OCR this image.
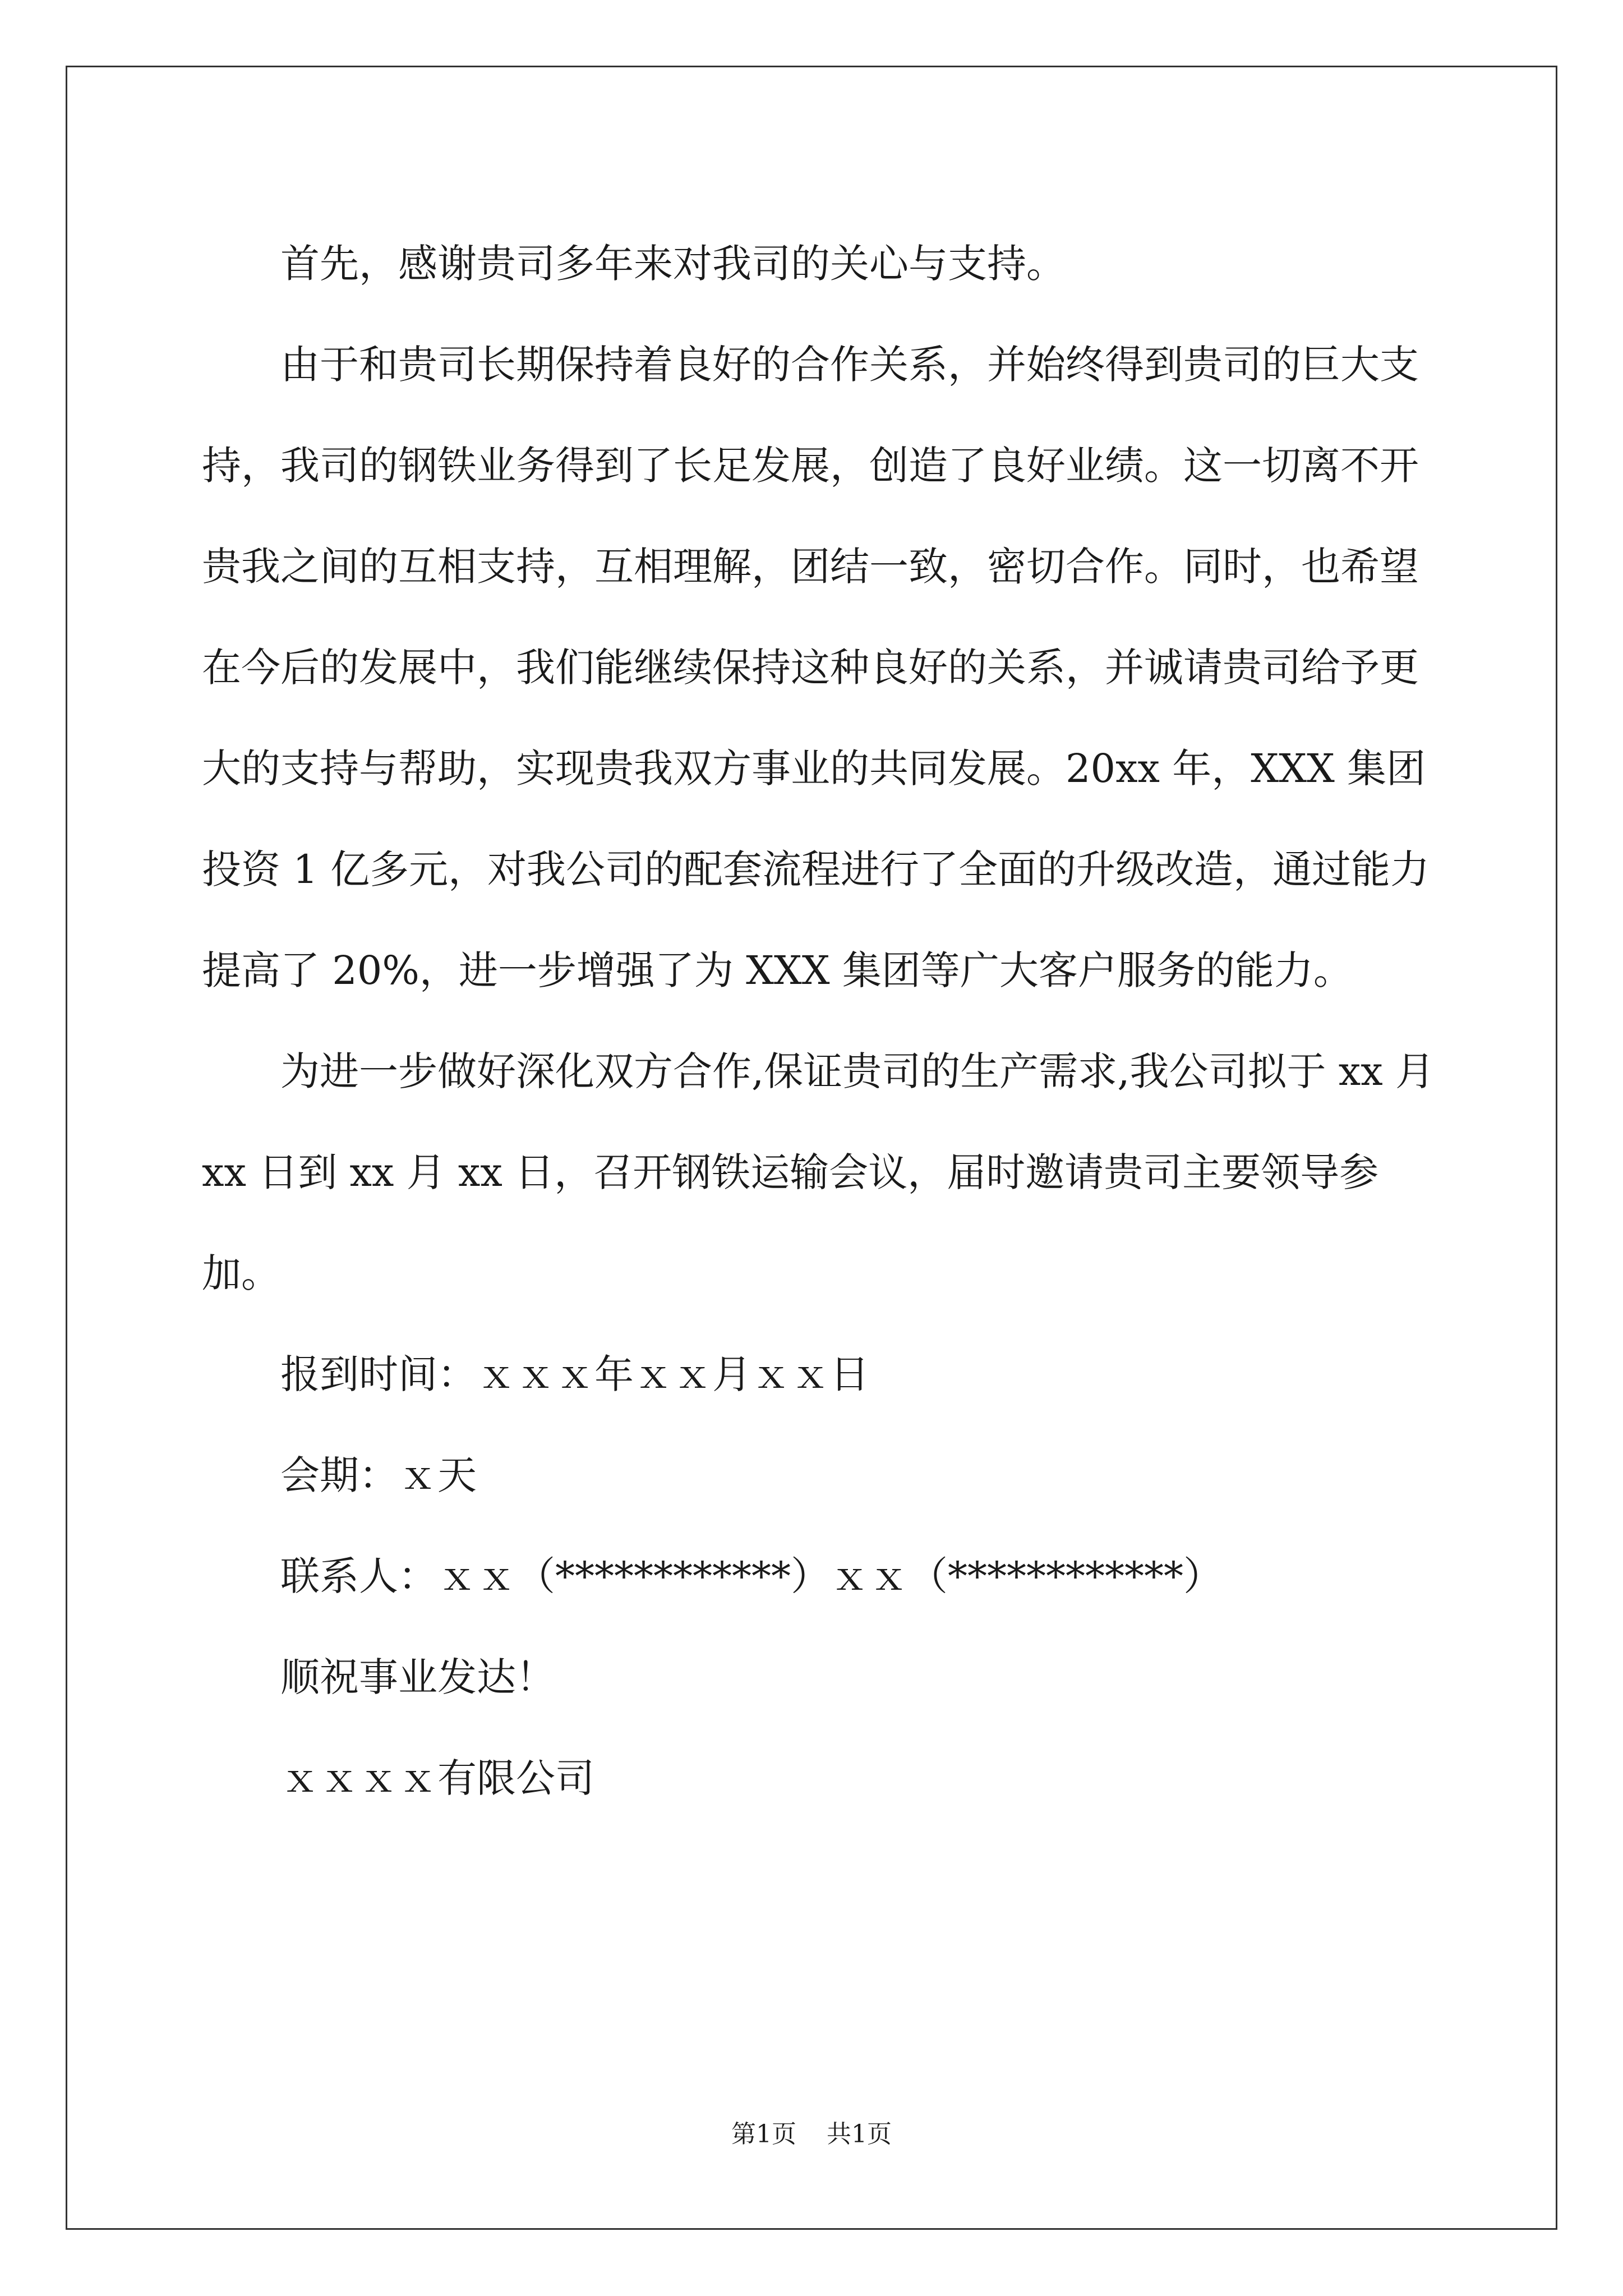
首先，感谢贵司多年来对我司的关心与支持。

由于和贵司长期保持着良好的合作关系，并始终得到贵司的巨大支持，我司的钢铁业务得到了长足发展，创造了良好业绩。这一切离不开贵我之间的互相支持，互相理解，团结一致，密切合作。同时，也希望在今后的发展中，我们能继续保持这种良好的关系，并诚请贵司给予更大的支持与帮助，实现贵我双方事业的共同发展。20xx 年，XXX 集团投资 1 亿多元，对我公司的配套流程进行了全面的升级改造，通过能力提高了 20%，进一步增强了为 XXX 集团等广大客户服务的能力。

为进一步做好深化双方合作,保证贵司的生产需求,我公司拟于 xx 月 xx 日到 xx 月 xx 日，召开钢铁运输会议，届时邀请贵司主要领导参加。

报到时间：ｘｘｘ年ｘｘ月ｘｘ日

会期：ｘ天

联系人：ｘｘ（************）ｘｘ（************）

顺祝事业发达！

ｘｘｘｘ有限公司

第1页 共1页
